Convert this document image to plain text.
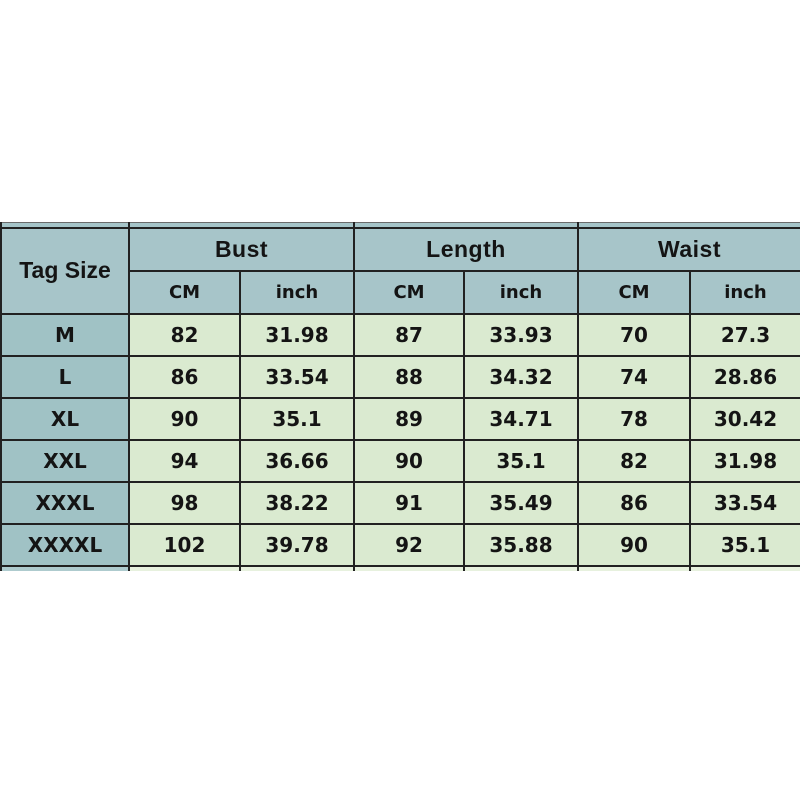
Tag Size	Bust		Length		Waist	
	CM	inch	CM	inch	CM	inch
M	82	31.98	87	33.93	70	27.3
L	86	33.54	88	34.32	74	28.86
XL	90	35.1	89	34.71	78	30.42
XXL	94	36.66	90	35.1	82	31.98
XXXL	98	38.22	91	35.49	86	33.54
XXXXL	102	39.78	92	35.88	90	35.1
